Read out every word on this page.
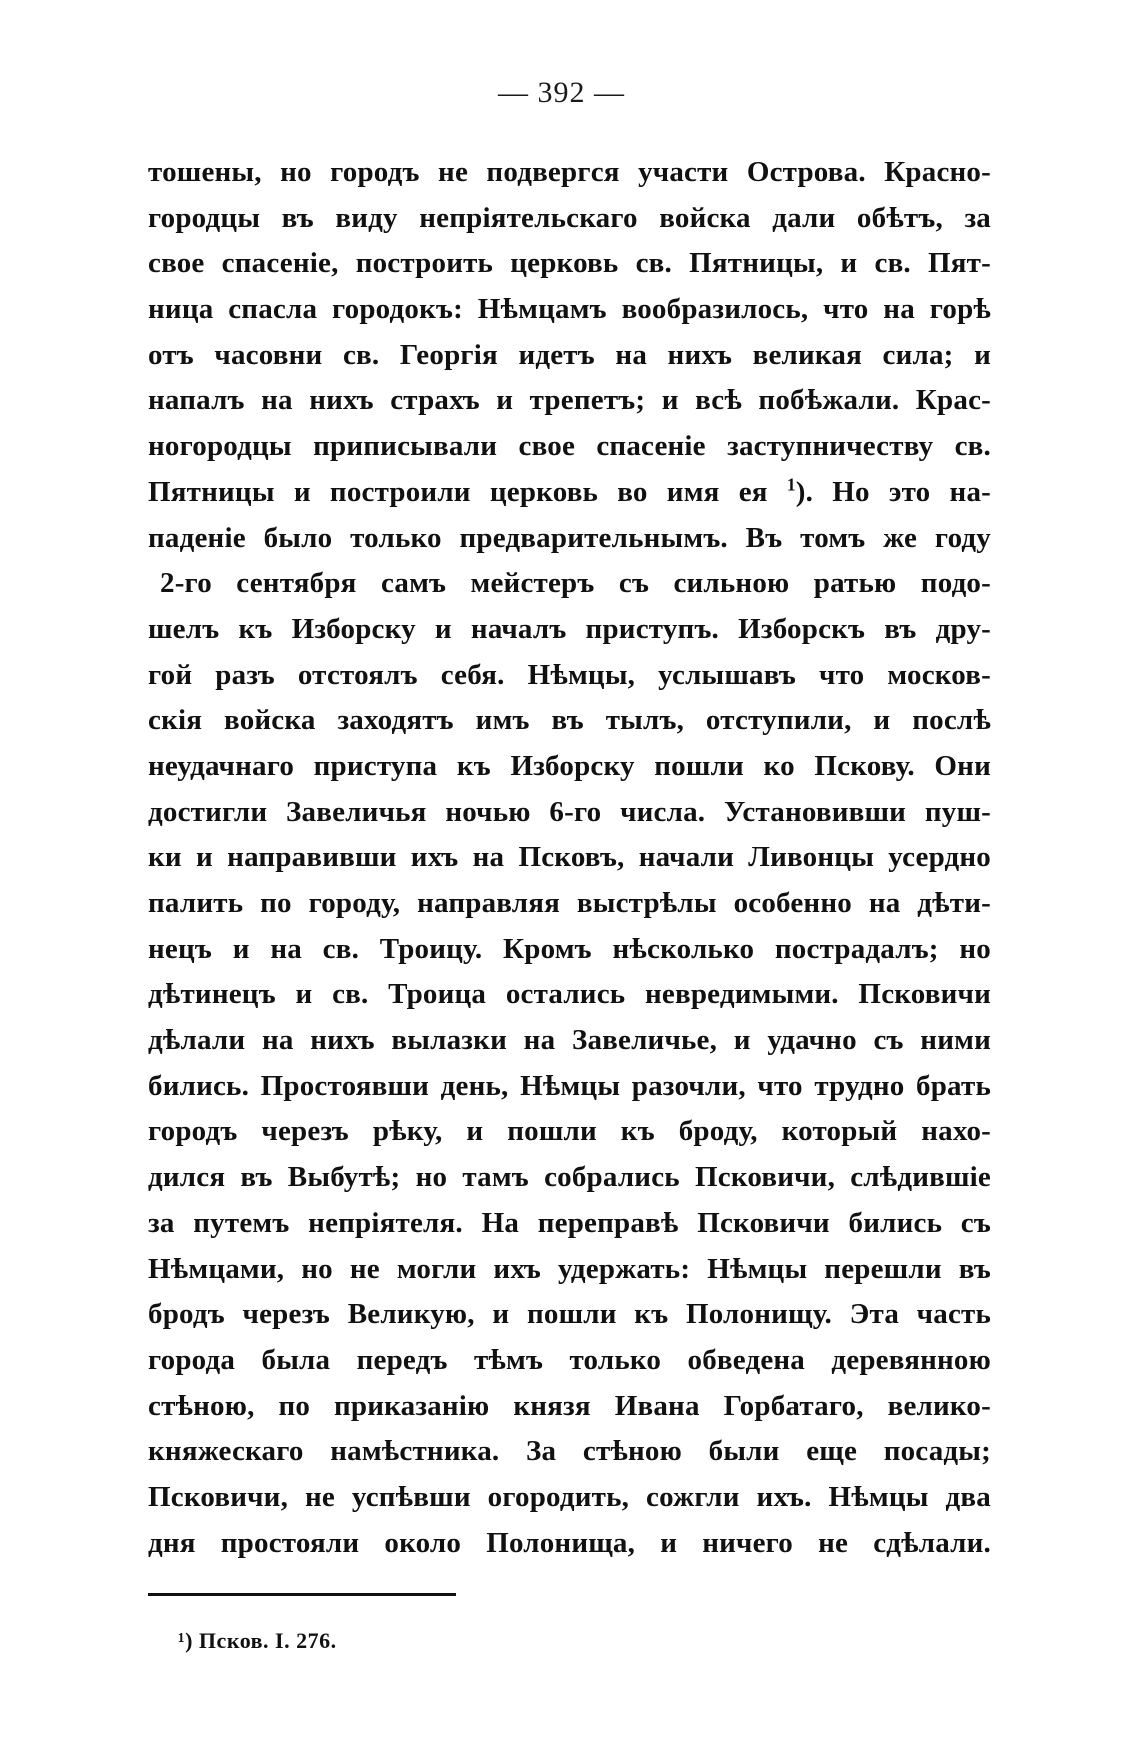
— 392 —
тошены, но городъ не подвергся участи Острова. Красно-
городцы въ виду непріятельскаго войска дали обѣтъ, за
свое спасеніе, построить церковь св. Пятницы, и св. Пят-
ница спасла городокъ: Нѣмцамъ вообразилось, что на горѣ
отъ часовни св. Георгія идетъ на нихъ великая сила; и
напалъ на нихъ страхъ и трепетъ; и всѣ побѣжали. Крас-
ногородцы приписывали свое спасеніе заступничеству св.
Пятницы и построили церковь во имя ея $^1$). Но это на-
паденіе было только предварительнымъ. Въ томъ же году
2-го сентября самъ мейстеръ съ сильною ратью подо-
шелъ къ Изборску и началъ приступъ. Изборскъ въ дру-
гой разъ отстоялъ себя. Нѣмцы, услышавъ что москов-
скія войска заходятъ имъ въ тылъ, отступили, и послѣ
неудачнаго приступа къ Изборску пошли ко Пскову. Они
достигли Завеличья ночью 6-го числа. Установивши пуш-
ки и направивши ихъ на Псковъ, начали Ливонцы усердно
палить по городу, направляя выстрѣлы особенно на дѣти-
нецъ и на св. Троицу. Кромъ нѣсколько пострадалъ; но
дѣтинецъ и св. Троица остались невредимыми. Псковичи
дѣлали на нихъ вылазки на Завеличье, и удачно съ ними
бились. Простоявши день, Нѣмцы разочли, что трудно брать
городъ черезъ рѣку, и пошли къ броду, который нахо-
дился въ Выбутѣ; но тамъ собрались Псковичи, слѣдившіе
за путемъ непріятеля. На переправѣ Псковичи бились съ
Нѣмцами, но не могли ихъ удержать: Нѣмцы перешли въ
бродъ черезъ Великую, и пошли къ Полонищу. Эта часть
города была передъ тѣмъ только обведена деревянною
стѣною, по приказанію князя Ивана Горбатаго, велико-
княжескаго намѣстника. За стѣною были еще посады;
Псковичи, не успѣвши огородить, сожгли ихъ. Нѣмцы два
дня простояли около Полонища, и ничего не сдѣлали.
¹) Псков. I. 276.
